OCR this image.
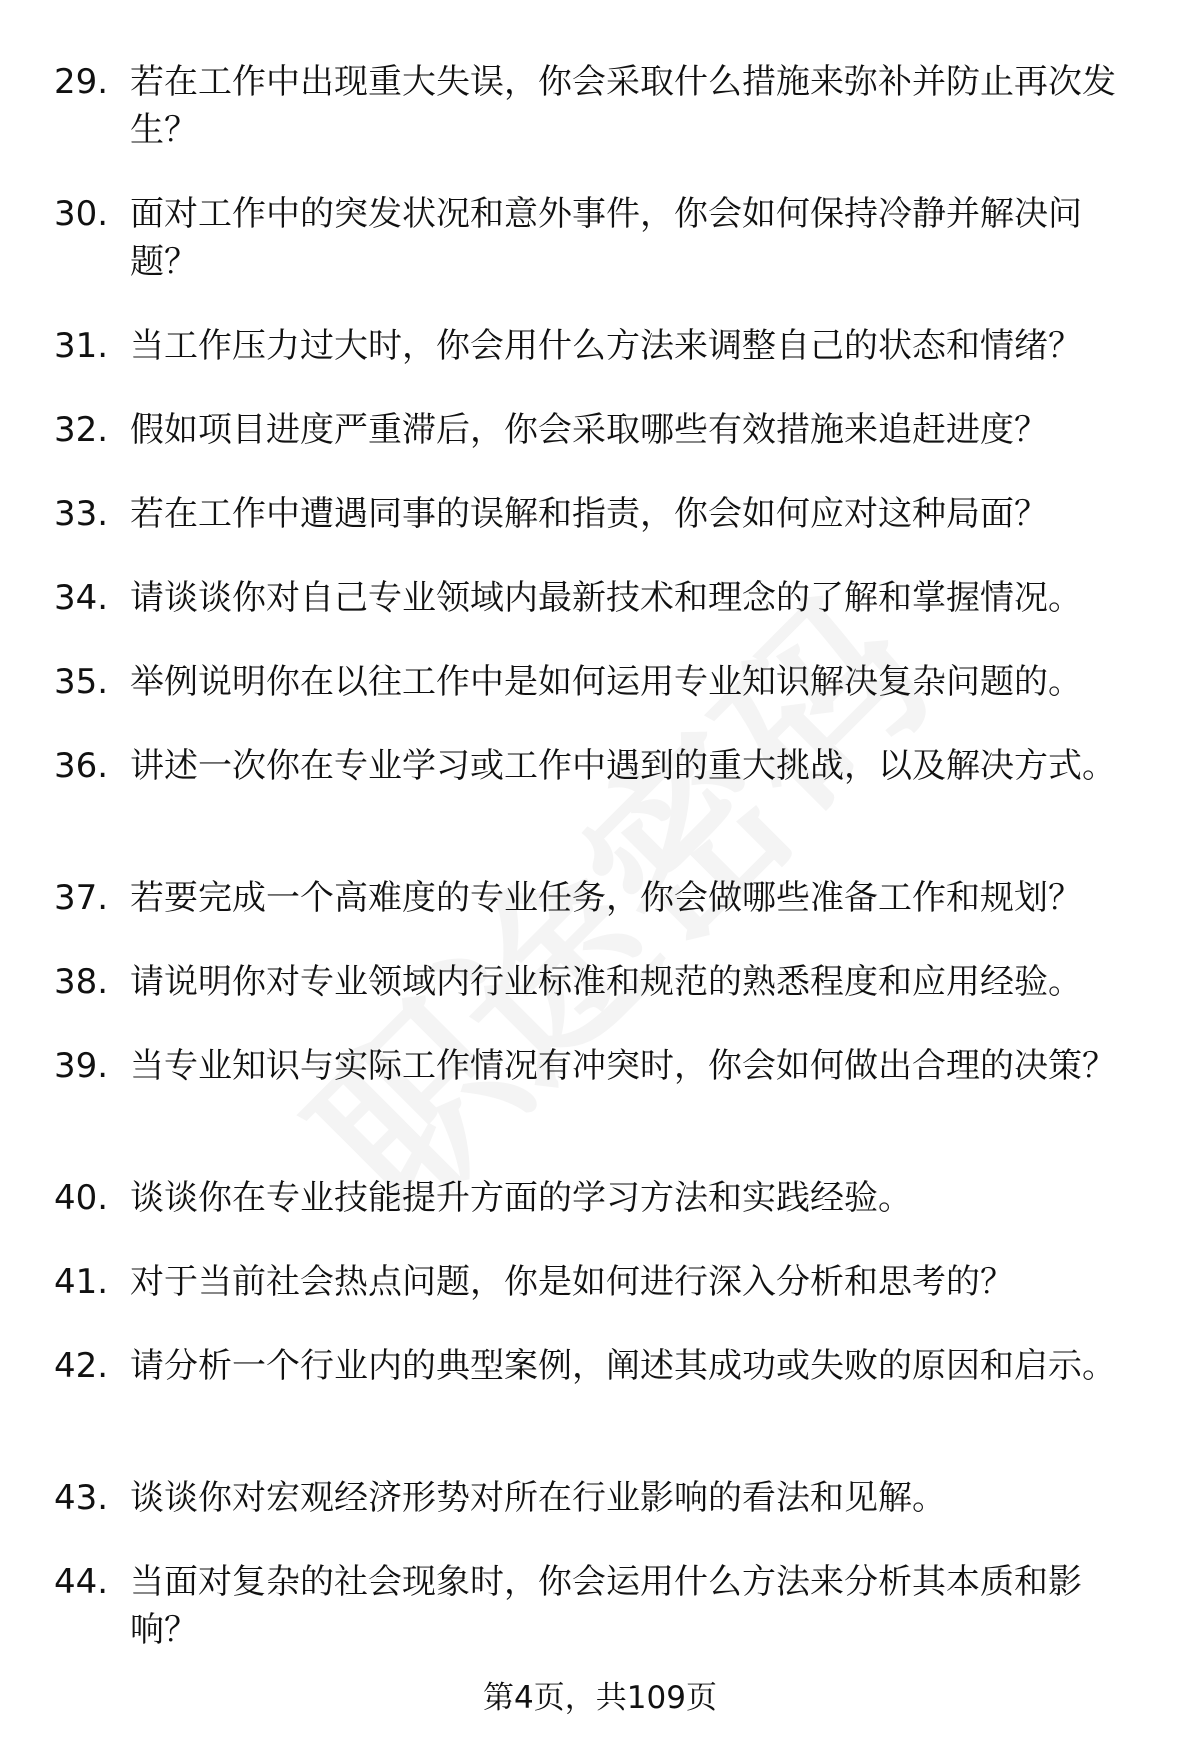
29. 若在工作中出现重大失误，你会采取什么措施来弥补并防止再次发生？
30. 面对工作中的突发状况和意外事件，你会如何保持冷静并解决问题？
31. 当工作压力过大时，你会用什么方法来调整自己的状态和情绪？
32. 假如项目进度严重滞后，你会采取哪些有效措施来追赶进度？
33. 若在工作中遭遇同事的误解和指责，你会如何应对这种局面？
34. 请谈谈你对自己专业领域内最新技术和理念的了解和掌握情况。
35. 举例说明你在以往工作中是如何运用专业知识解决复杂问题的。
36. 讲述一次你在专业学习或工作中遇到的重大挑战，以及解决方式。
37. 若要完成一个高难度的专业任务，你会做哪些准备工作和规划？
38. 请说明你对专业领域内行业标准和规范的熟悉程度和应用经验。
39. 当专业知识与实际工作情况有冲突时，你会如何做出合理的决策？
40. 谈谈你在专业技能提升方面的学习方法和实践经验。
41. 对于当前社会热点问题，你是如何进行深入分析和思考的？
42. 请分析一个行业内的典型案例，阐述其成功或失败的原因和启示。
43. 谈谈你对宏观经济形势对所在行业影响的看法和见解。
44. 当面对复杂的社会现象时，你会运用什么方法来分析其本质和影响？
第4页，共109页
